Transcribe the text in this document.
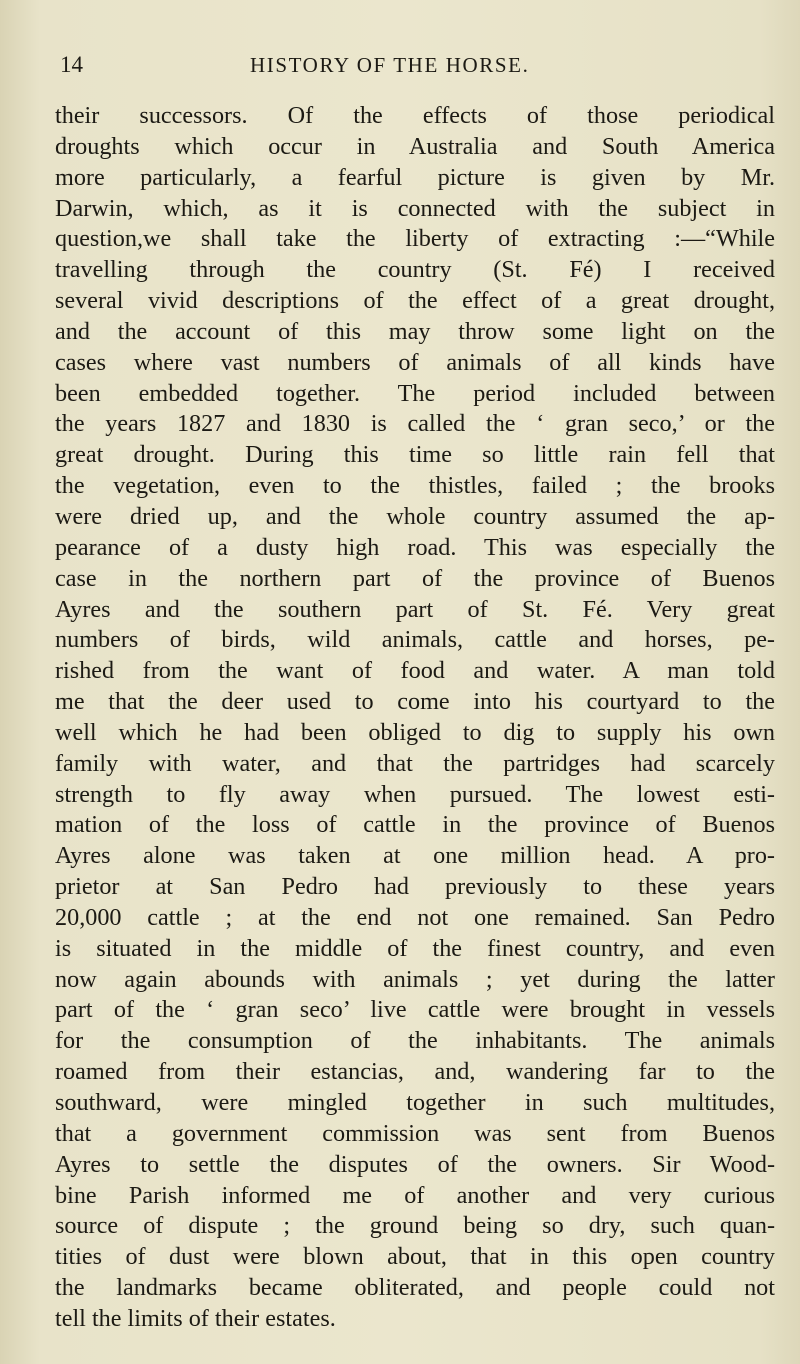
14	HISTORY OF THE HORSE.
their successors. Of the effects of those periodical
droughts which occur in Australia and South America
more particularly, a fearful picture is given by Mr.
Darwin, which, as it is connected with the subject in
question,we shall take the liberty of extracting :—“While
travelling through the country (St. Fé) I received
several vivid descriptions of the effect of a great drought,
and the account of this may throw some light on the
cases where vast numbers of animals of all kinds have
been embedded together. The period included between
the years 1827 and 1830 is called the ‘ gran seco,’ or the
great drought. During this time so little rain fell that
the vegetation, even to the thistles, failed ; the brooks
were dried up, and the whole country assumed the ap-
pearance of a dusty high road. This was especially the
case in the northern part of the province of Buenos
Ayres and the southern part of St. Fé. Very great
numbers of birds, wild animals, cattle and horses, pe-
rished from the want of food and water. A man told
me that the deer used to come into his courtyard to the
well which he had been obliged to dig to supply his own
family with water, and that the partridges had scarcely
strength to fly away when pursued. The lowest esti-
mation of the loss of cattle in the province of Buenos
Ayres alone was taken at one million head. A pro-
prietor at San Pedro had previously to these years
20,000 cattle ; at the end not one remained. San Pedro
is situated in the middle of the finest country, and even
now again abounds with animals ; yet during the latter
part of the ‘ gran seco’ live cattle were brought in vessels
for the consumption of the inhabitants. The animals
roamed from their estancias, and, wandering far to the
southward, were mingled together in such multitudes,
that a government commission was sent from Buenos
Ayres to settle the disputes of the owners. Sir Wood-
bine Parish informed me of another and very curious
source of dispute ; the ground being so dry, such quan-
tities of dust were blown about, that in this open country
the landmarks became obliterated, and people could not
tell the limits of their estates.
